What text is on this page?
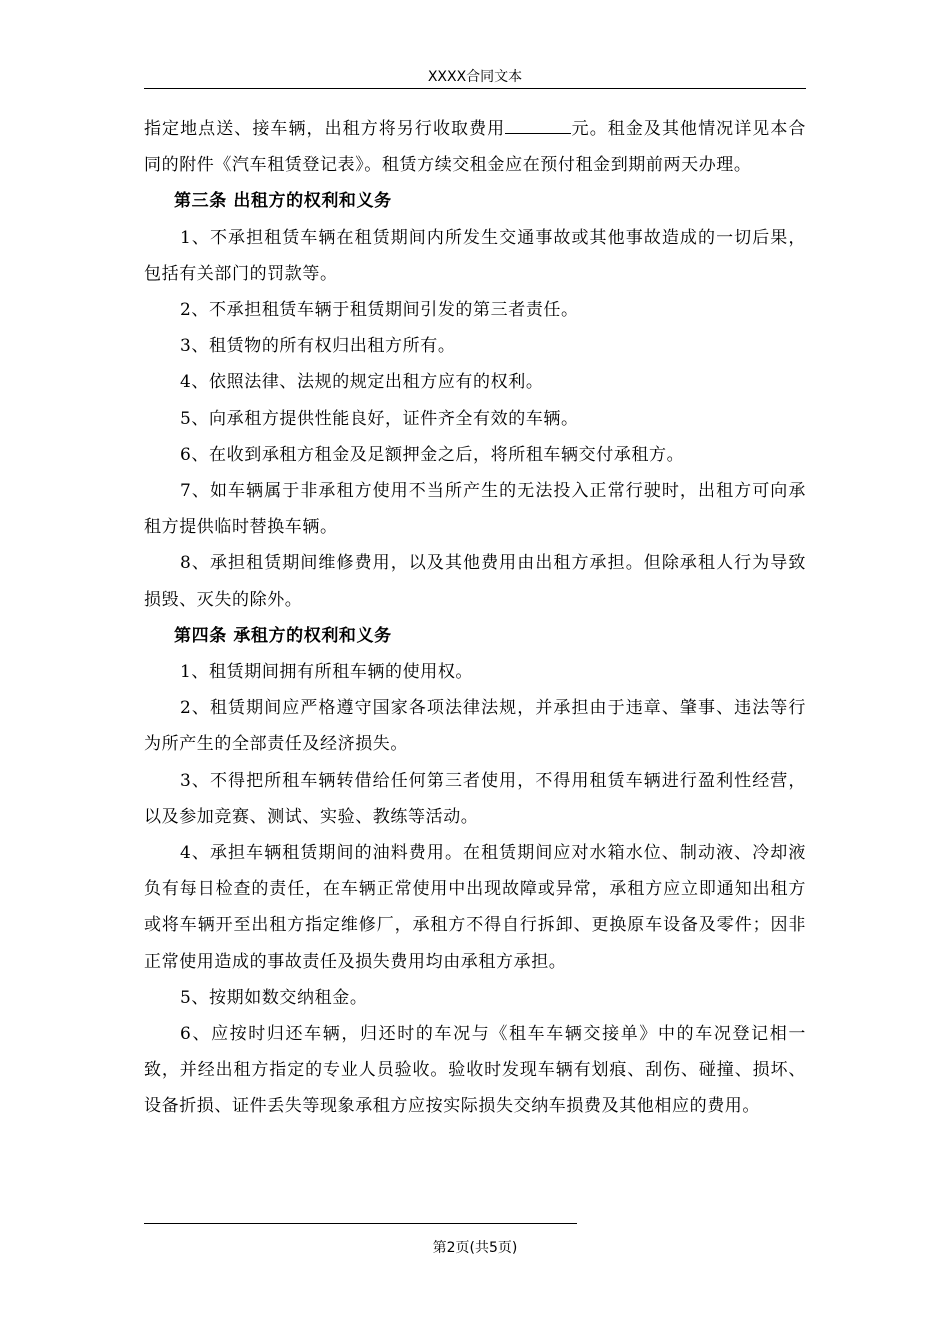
XXXX合同文本

指定地点送、接车辆，出租方将另行收取费用	元。租金及其他情况详见本合同的附件《汽车租赁登记表》。租赁方续交租金应在预付租金到期前两天办理。

第三条 出租方的权利和义务

1、不承担租赁车辆在租赁期间内所发生交通事故或其他事故造成的一切后果，包括有关部门的罚款等。

2、不承担租赁车辆于租赁期间引发的第三者责任。

3、租赁物的所有权归出租方所有。

4、依照法律、法规的规定出租方应有的权利。

5、向承租方提供性能良好，证件齐全有效的车辆。

6、在收到承租方租金及足额押金之后，将所租车辆交付承租方。

7、如车辆属于非承租方使用不当所产生的无法投入正常行驶时，出租方可向承租方提供临时替换车辆。

8、承担租赁期间维修费用，以及其他费用由出租方承担。但除承租人行为导致损毁、灭失的除外。

第四条 承租方的权利和义务

1、租赁期间拥有所租车辆的使用权。

2、租赁期间应严格遵守国家各项法律法规，并承担由于违章、肇事、违法等行为所产生的全部责任及经济损失。

3、不得把所租车辆转借给任何第三者使用，不得用租赁车辆进行盈利性经营，以及参加竞赛、测试、实验、教练等活动。

4、承担车辆租赁期间的油料费用。在租赁期间应对水箱水位、制动液、冷却液负有每日检查的责任，在车辆正常使用中出现故障或异常，承租方应立即通知出租方或将车辆开至出租方指定维修厂，承租方不得自行拆卸、更换原车设备及零件；因非正常使用造成的事故责任及损失费用均由承租方承担。

5、按期如数交纳租金。

6、应按时归还车辆，归还时的车况与《租车车辆交接单》中的车况登记相一致，并经出租方指定的专业人员验收。验收时发现车辆有划痕、刮伤、碰撞、损坏、设备折损、证件丢失等现象承租方应按实际损失交纳车损费及其他相应的费用。

第2页(共5页)
